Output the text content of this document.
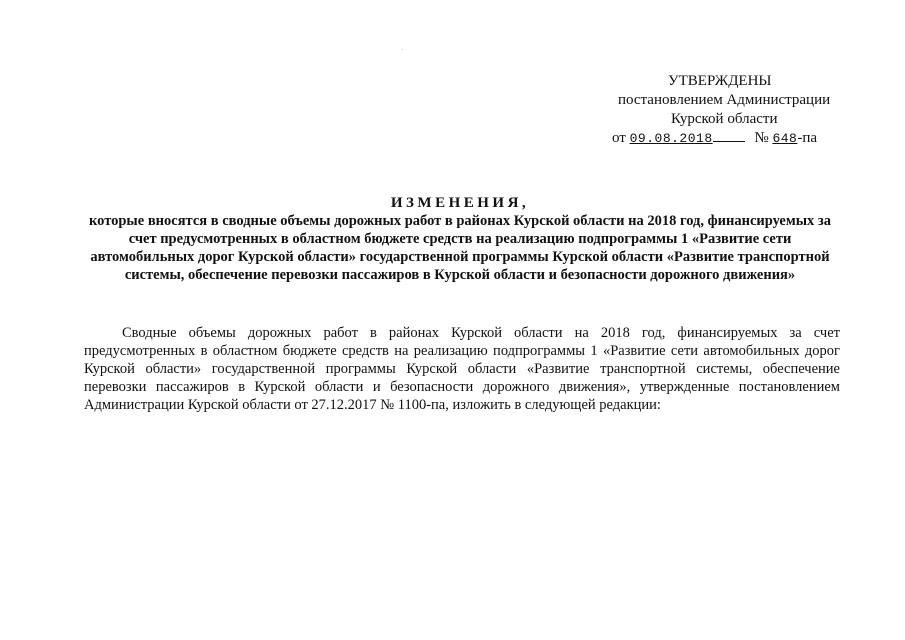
УТВЕРЖДЕНЫ
постановлением Администрации
Курской области
от 09.08.2018	№ 648-па
ИЗМЕНЕНИЯ,
которые вносятся в сводные объемы дорожных работ в районах Курской области на 2018 год, финансируемых за счет предусмотренных в областном бюджете средств на реализацию подпрограммы 1 «Развитие сети автомобильных дорог Курской области» государственной программы Курской области «Развитие транспортной системы, обеспечение перевозки пассажиров в Курской области и безопасности дорожного движения»
Сводные объемы дорожных работ в районах Курской области на 2018 год, финансируемых за счет предусмотренных в областном бюджете средств на реализацию подпрограммы 1 «Развитие сети автомобильных дорог Курской области» государственной программы Курской области «Развитие транспортной системы, обеспечение перевозки пассажиров в Курской области и безопасности дорожного движения», утвержденные постановлением Администрации Курской области от 27.12.2017 № 1100-па, изложить в следующей редакции:
